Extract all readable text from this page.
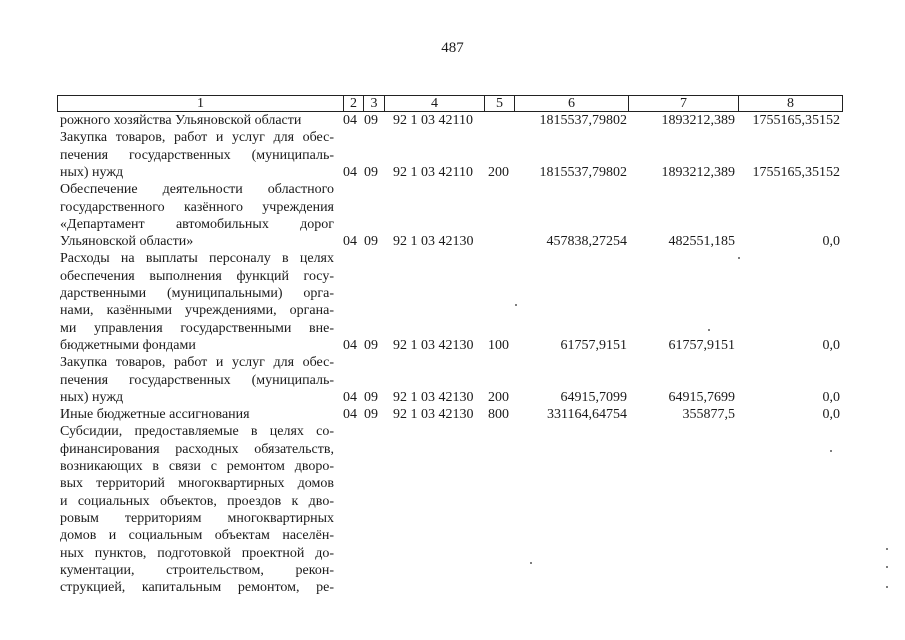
487
1	2 3	4	5	6	7	8
рожного хозяйства Ульяновской области	04 09 92 1 03 42110	1815537,79802 1893212,389 1755165,35152
Закупка товаров, работ и услуг для обес-
печения государственных (муниципаль-
ных) нужд	04 09 92 1 03 42110 200 1815537,79802 1893212,389 1755165,35152
Обеспечение деятельности областного
государственного казённого учреждения
«Департамент автомобильных дорог
Ульяновской области»	04 09 92 1 03 42130	457838,27254	482551,185	0,0
Расходы на выплаты персоналу в целях
обеспечения выполнения функций госу-
дарственными (муниципальными) орга-
нами, казёнными учреждениями, органа-
ми управления государственными вне-
бюджетными фондами	04 09 92 1 03 42130 100	61757,9151	61757,9151	0,0
Закупка товаров, работ и услуг для обес-
печения государственных (муниципаль-
ных) нужд	04 09 92 1 03 42130 200	64915,7099	64915,7699	0,0
Иные бюджетные ассигнования	04 09 92 1 03 42130 800	331164,64754	355877,5	0,0
Субсидии, предоставляемые в целях со-
финансирования расходных обязательств,
возникающих в связи с ремонтом дворо-
вых территорий многоквартирных домов
и социальных объектов, проездов к дво-
ровым территориям многоквартирных
домов и социальным объектам населён-
ных пунктов, подготовкой проектной до-
кументации, строительством, рекон-
струкцией, капитальным ремонтом, ре-
